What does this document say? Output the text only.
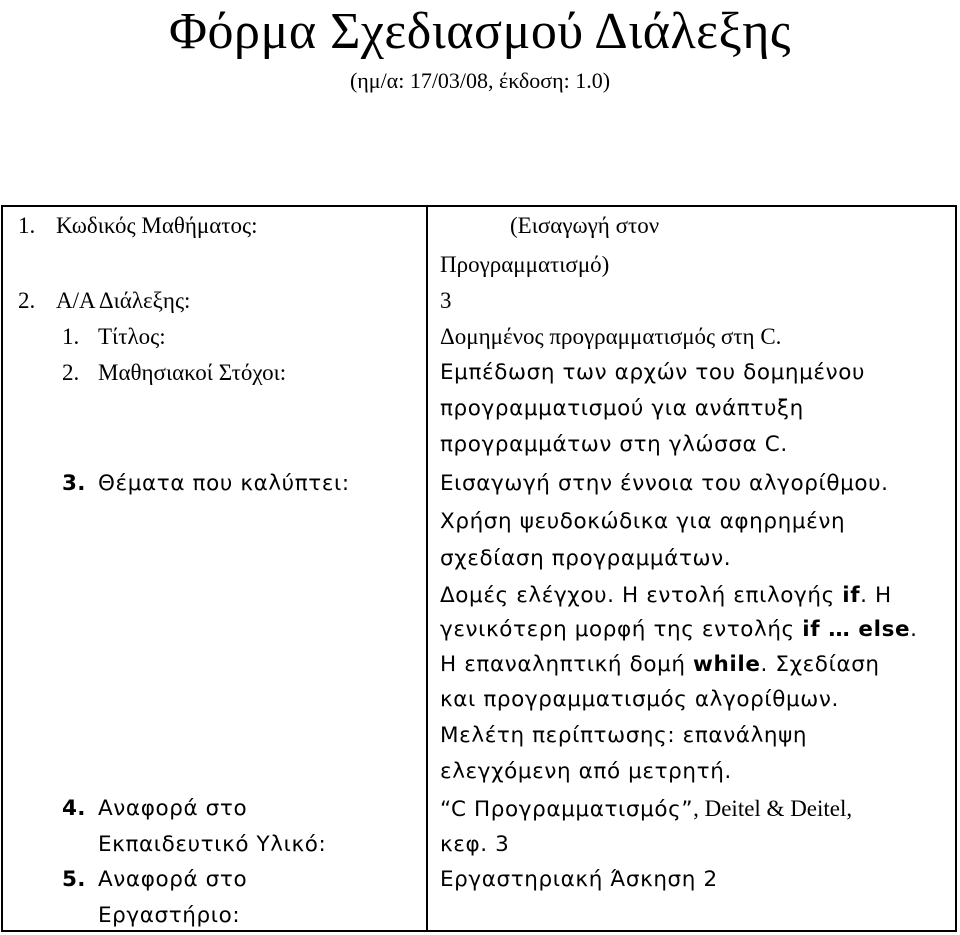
Φόρμα Σχεδιασμού Διάλεξης
(ημ/α: 17/03/08, έκδοση: 1.0)
1. Κωδικός Μαθήματος:	(Εισαγωγή στον
Προγραμματισμό)
2. Α/Α Διάλεξης:	3
1. Τίτλος:	Δομημένος προγραμματισμός στη C.
2. Μαθησιακοί Στόχοι:	Εμπέδωση των αρχών του δομημένου
προγραμματισμού για ανάπτυξη
προγραμμάτων στη γλώσσα C.
3. Θέματα που καλύπτει:	Εισαγωγή στην έννοια του αλγορίθμου.
Χρήση ψευδοκώδικα για αφηρημένη
σχεδίαση προγραμμάτων.
Δομές ελέγχου. Η εντολή επιλογής if. Η
γενικότερη μορφή της εντολής if … else.
Η επαναληπτική δομή while. Σχεδίαση
και προγραμματισμός αλγορίθμων.
Μελέτη περίπτωσης: επανάληψη
ελεγχόμενη από μετρητή.
4. Αναφορά στο
Εκπαιδευτικό Υλικό:
“C Προγραμματισμός”, Deitel & Deitel,
κεφ. 3
5. Αναφορά στο
Εργαστήριο:
Εργαστηριακή Άσκηση 2
